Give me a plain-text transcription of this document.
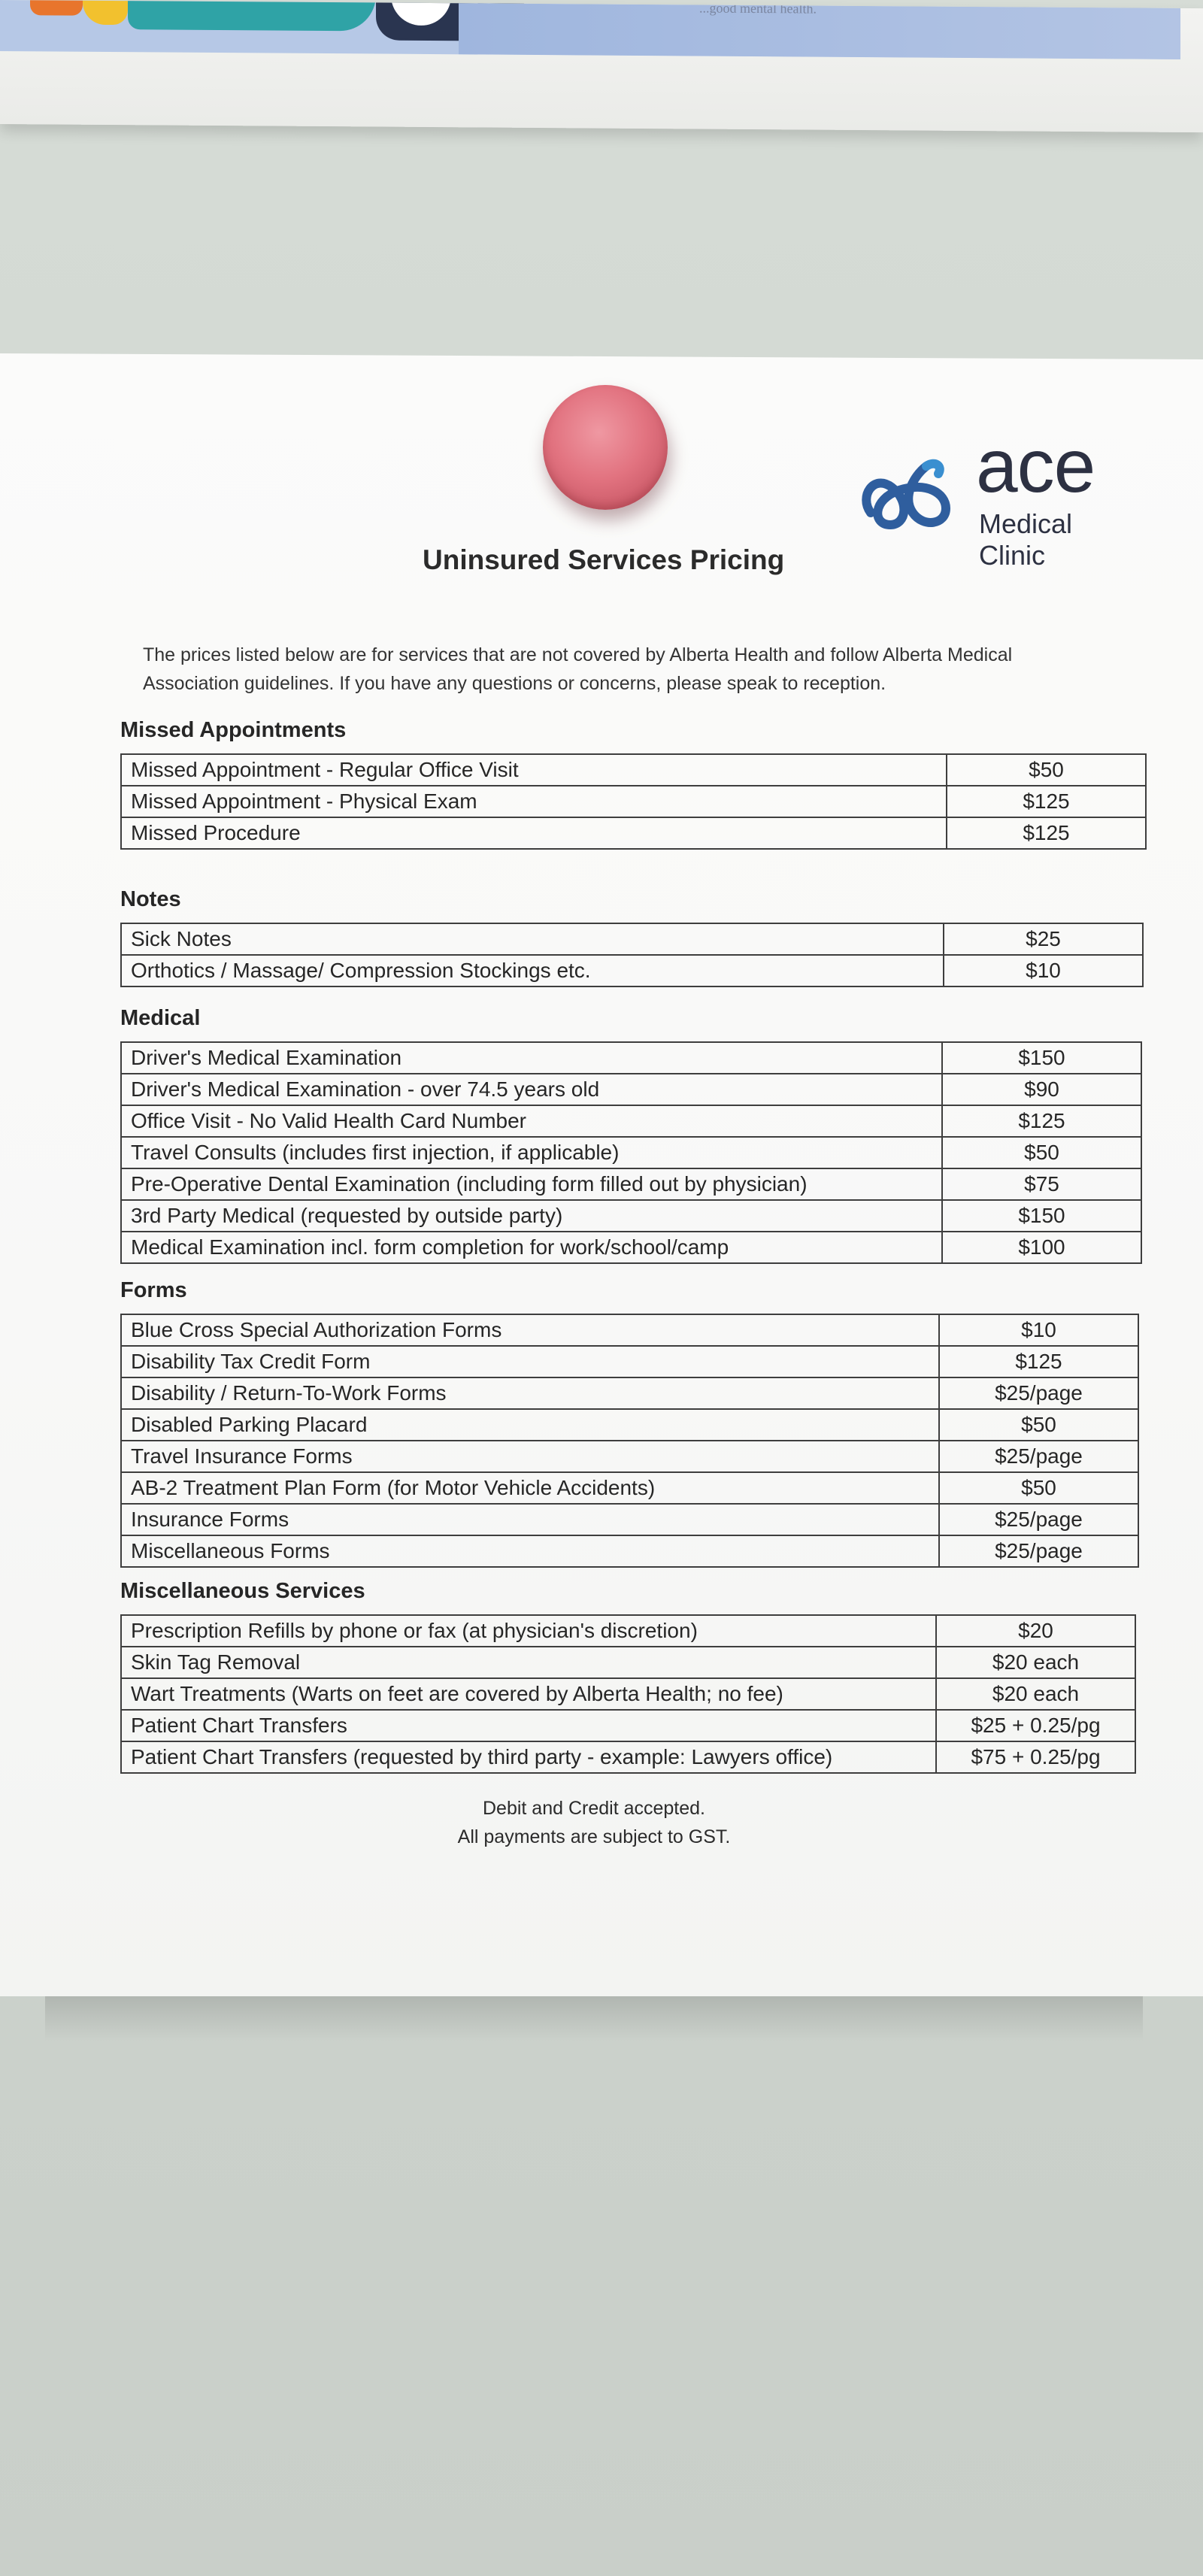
...good mental health.
ace
Medical Clinic
Uninsured Services Pricing
The prices listed below are for services that are not covered by Alberta Health and follow Alberta Medical Association guidelines. If you have any questions or concerns, please speak to reception.
Missed Appointments
Missed Appointment - Regular Office Visit	$50
Missed Appointment - Physical Exam	$125
Missed Procedure	$125
Notes
Sick Notes	$25
Orthotics / Massage/ Compression Stockings etc.	$10
Medical
Driver's Medical Examination	$150
Driver's Medical Examination - over 74.5 years old	$90
Office Visit - No Valid Health Card Number	$125
Travel Consults (includes first injection, if applicable)	$50
Pre-Operative Dental Examination (including form filled out by physician)	$75
3rd Party Medical (requested by outside party)	$150
Medical Examination incl. form completion for work/school/camp	$100
Forms
Blue Cross Special Authorization Forms	$10
Disability Tax Credit Form	$125
Disability / Return-To-Work Forms	$25/page
Disabled Parking Placard	$50
Travel Insurance Forms	$25/page
AB-2 Treatment Plan Form (for Motor Vehicle Accidents)	$50
Insurance Forms	$25/page
Miscellaneous Forms	$25/page
Miscellaneous Services
Prescription Refills by phone or fax (at physician's discretion)	$20
Skin Tag Removal	$20 each
Wart Treatments (Warts on feet are covered by Alberta Health; no fee)	$20 each
Patient Chart Transfers	$25 + 0.25/pg
Patient Chart Transfers (requested by third party - example: Lawyers office)	$75 + 0.25/pg
Debit and Credit accepted.
All payments are subject to GST.
